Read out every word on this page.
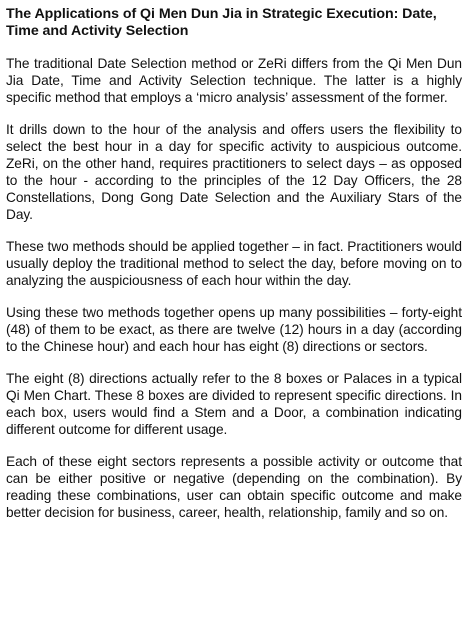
The Applications of Qi Men Dun Jia in Strategic Execution: Date, Time and Activity Selection

The traditional Date Selection method or ZeRi differs from the Qi Men Dun Jia Date, Time and Activity Selection technique. The latter is a highly specific method that employs a ‘micro analysis’ assessment of the former.

It drills down to the hour of the analysis and offers users the flexibility to select the best hour in a day for specific activity to auspicious outcome. ZeRi, on the other hand, requires practitioners to select days – as opposed to the hour - according to the principles of the 12 Day Officers, the 28 Constellations, Dong Gong Date Selection and the Auxiliary Stars of the Day.

These two methods should be applied together – in fact. Practitioners would usually deploy the traditional method to select the day, before moving on to analyzing the auspiciousness of each hour within the day.

Using these two methods together opens up many possibilities – forty-eight (48) of them to be exact, as there are twelve (12) hours in a day (according to the Chinese hour) and each hour has eight (8) directions or sectors.

The eight (8) directions actually refer to the 8 boxes or Palaces in a typical Qi Men Chart. These 8 boxes are divided to represent specific directions. In each box, users would find a Stem and a Door, a combination indicating different outcome for different usage.

Each of these eight sectors represents a possible activity or outcome that can be either positive or negative (depending on the combination). By reading these combinations, user can obtain specific outcome and make better decision for business, career, health, relationship, family and so on.
